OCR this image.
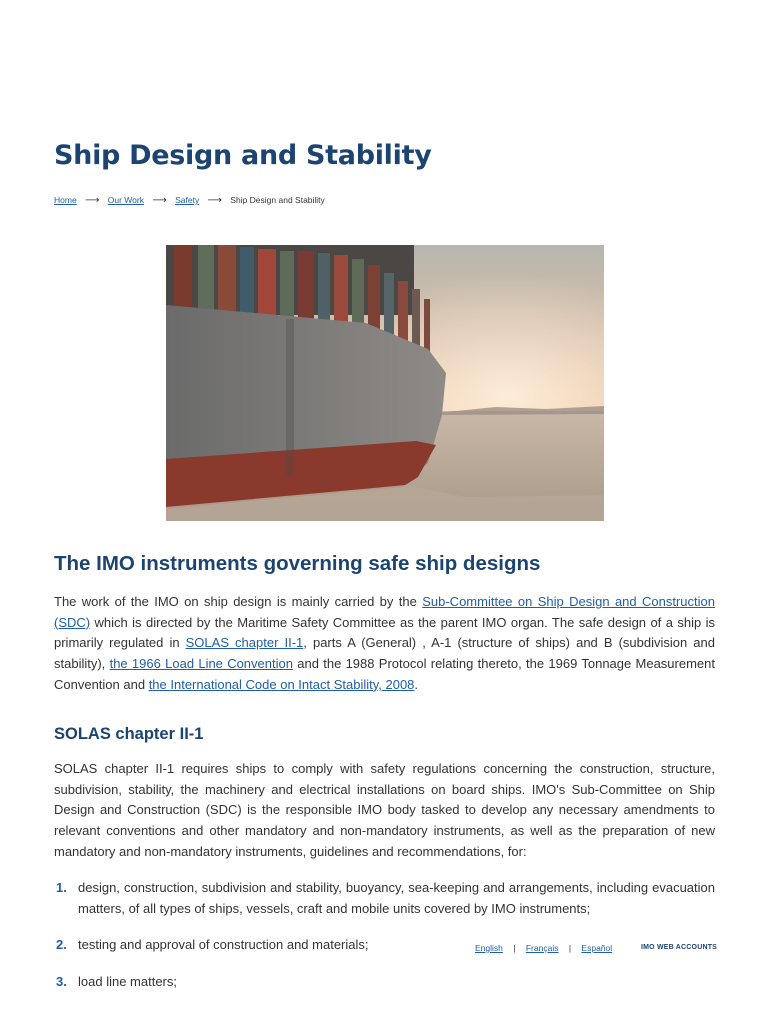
Ship Design and Stability
Home ⟶ Our Work ⟶ Safety ⟶ Ship Design and Stability
The IMO instruments governing safe ship designs

The work of the IMO on ship design is mainly carried by the Sub-Committee on Ship Design and Construction (SDC) which is directed by the Maritime Safety Committee as the parent IMO organ. The safe design of a ship is primarily regulated in SOLAS chapter II-1, parts A (General) , A-1 (structure of ships) and B (subdivision and stability), the 1966 Load Line Convention and the 1988 Protocol relating thereto, the 1969 Tonnage Measurement Convention and the International Code on Intact Stability, 2008.

SOLAS chapter II-1

SOLAS chapter II-1 requires ships to comply with safety regulations concerning the construction, structure, subdivision, stability, the machinery and electrical installations on board ships. IMO's Sub-Committee on Ship Design and Construction (SDC) is the responsible IMO body tasked to develop any necessary amendments to relevant conventions and other mandatory and non-mandatory instruments, as well as the preparation of new mandatory and non-mandatory instruments, guidelines and recommendations, for:

1. design, construction, subdivision and stability, buoyancy, sea-keeping and arrangements, including evacuation matters, of all types of ships, vessels, craft and mobile units covered by IMO instruments;
2. testing and approval of construction and materials;
3. load line matters;
English | Français | Español	IMO WEB ACCOUNTS
